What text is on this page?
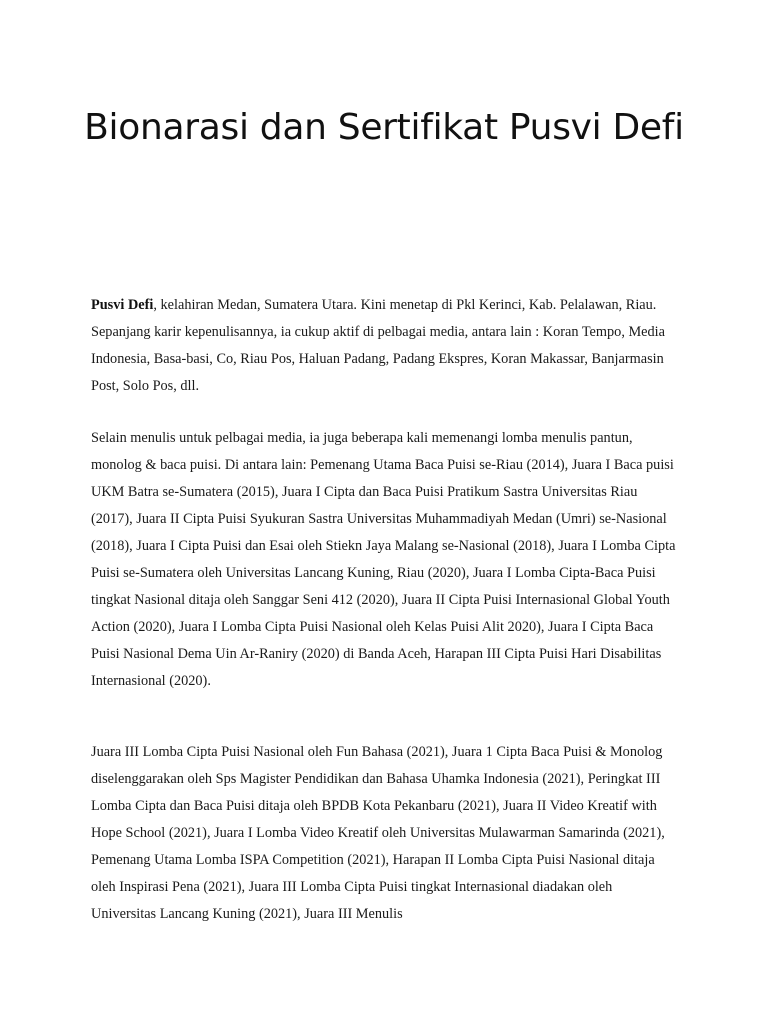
Bionarasi dan Sertifikat Pusvi Defi

Pusvi Defi, kelahiran Medan, Sumatera Utara. Kini menetap di Pkl Kerinci, Kab. Pelalawan, Riau. Sepanjang karir kepenulisannya, ia cukup aktif di pelbagai media, antara lain : Koran Tempo, Media Indonesia, Basa-basi, Co, Riau Pos, Haluan Padang, Padang Ekspres, Koran Makassar, Banjarmasin Post, Solo Pos, dll.

Selain menulis untuk pelbagai media, ia juga beberapa kali memenangi lomba menulis pantun, monolog & baca puisi. Di antara lain: Pemenang Utama Baca Puisi se-Riau (2014), Juara I Baca puisi UKM Batra se-Sumatera (2015), Juara I Cipta dan Baca Puisi Pratikum Sastra Universitas Riau (2017), Juara II Cipta Puisi Syukuran Sastra Universitas Muhammadiyah Medan (Umri) se-Nasional (2018), Juara I Cipta Puisi dan Esai oleh Stiekn Jaya Malang se-Nasional (2018), Juara I Lomba Cipta Puisi se-Sumatera oleh Universitas Lancang Kuning, Riau (2020), Juara I Lomba Cipta-Baca Puisi tingkat Nasional ditaja oleh Sanggar Seni 412 (2020), Juara II Cipta Puisi Internasional Global Youth Action (2020), Juara I Lomba Cipta Puisi Nasional oleh Kelas Puisi Alit 2020), Juara I Cipta Baca Puisi Nasional Dema Uin Ar-Raniry (2020) di Banda Aceh, Harapan III Cipta Puisi Hari Disabilitas Internasional (2020).

Juara III Lomba Cipta Puisi Nasional oleh Fun Bahasa (2021), Juara 1 Cipta Baca Puisi & Monolog diselenggarakan oleh Sps Magister Pendidikan dan Bahasa Uhamka Indonesia (2021), Peringkat III Lomba Cipta dan Baca Puisi ditaja oleh BPDB Kota Pekanbaru (2021), Juara II Video Kreatif with Hope School (2021), Juara I Lomba Video Kreatif oleh Universitas Mulawarman Samarinda (2021), Pemenang Utama Lomba ISPA Competition (2021), Harapan II Lomba Cipta Puisi Nasional ditaja oleh Inspirasi Pena (2021), Juara III Lomba Cipta Puisi tingkat Internasional diadakan oleh Universitas Lancang Kuning (2021), Juara III Menulis
